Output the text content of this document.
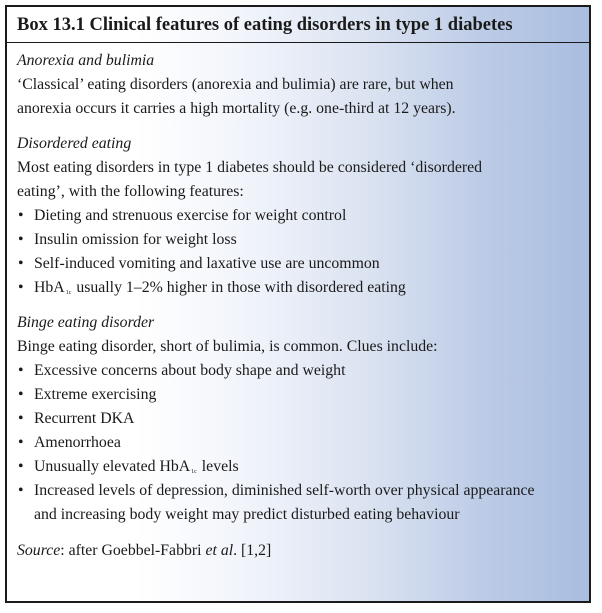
Box 13.1 Clinical features of eating disorders in type 1 diabetes
Anorexia and bulimia
‘Classical’ eating disorders (anorexia and bulimia) are rare, but when
anorexia occurs it carries a high mortality (e.g. one-third at 12 years).
Disordered eating
Most eating disorders in type 1 diabetes should be considered ‘disordered
eating’, with the following features:
• Dieting and strenuous exercise for weight control
• Insulin omission for weight loss
• Self-induced vomiting and laxative use are uncommon
• HbA$_{1c}$ usually 1–2% higher in those with disordered eating
Binge eating disorder
Binge eating disorder, short of bulimia, is common. Clues include:
• Excessive concerns about body shape and weight
• Extreme exercising
• Recurrent DKA
• Amenorrhoea
• Unusually elevated HbA$_{1c}$ levels
• Increased levels of depression, diminished self-worth over physical appearance and increasing body weight may predict disturbed eating behaviour
Source: after Goebbel-Fabbri et al. [1,2]
